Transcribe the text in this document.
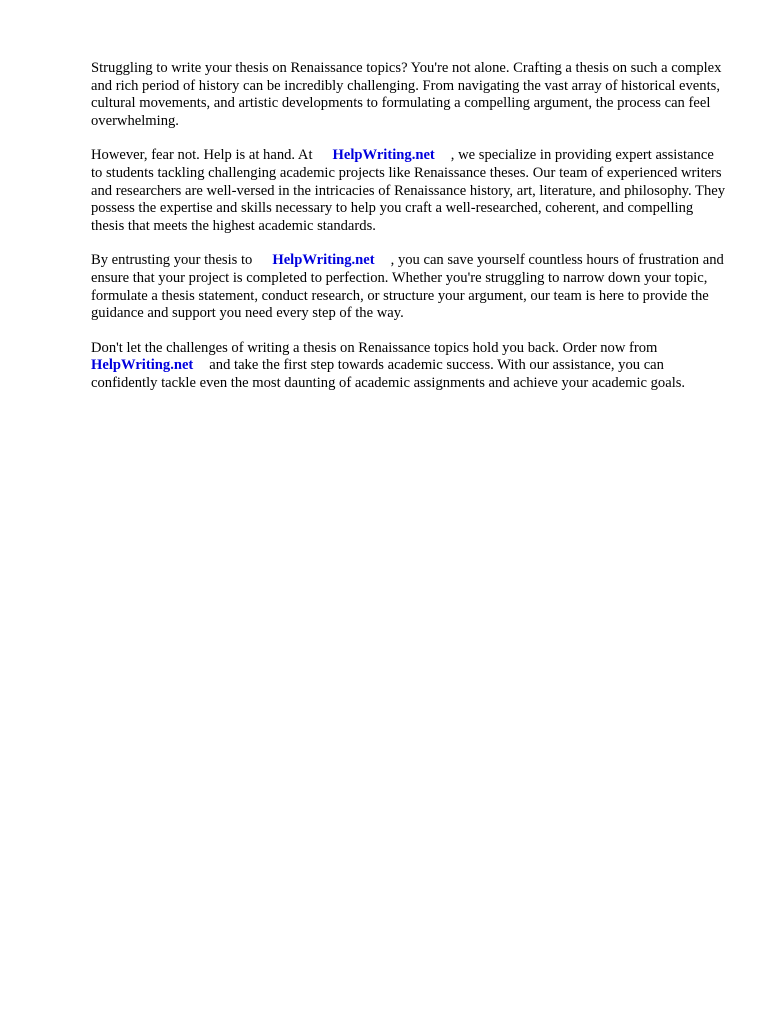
Struggling to write your thesis on Renaissance topics? You're not alone. Crafting a thesis on such a complex and rich period of history can be incredibly challenging. From navigating the vast array of historical events, cultural movements, and artistic developments to formulating a compelling argument, the process can feel overwhelming.

However, fear not. Help is at hand. At HelpWriting.net , we specialize in providing expert assistance to students tackling challenging academic projects like Renaissance theses. Our team of experienced writers and researchers are well-versed in the intricacies of Renaissance history, art, literature, and philosophy. They possess the expertise and skills necessary to help you craft a well-researched, coherent, and compelling thesis that meets the highest academic standards.

By entrusting your thesis to HelpWriting.net , you can save yourself countless hours of frustration and ensure that your project is completed to perfection. Whether you're struggling to narrow down your topic, formulate a thesis statement, conduct research, or structure your argument, our team is here to provide the guidance and support you need every step of the way.

Don't let the challenges of writing a thesis on Renaissance topics hold you back. Order now from HelpWriting.net and take the first step towards academic success. With our assistance, you can confidently tackle even the most daunting of academic assignments and achieve your academic goals.
